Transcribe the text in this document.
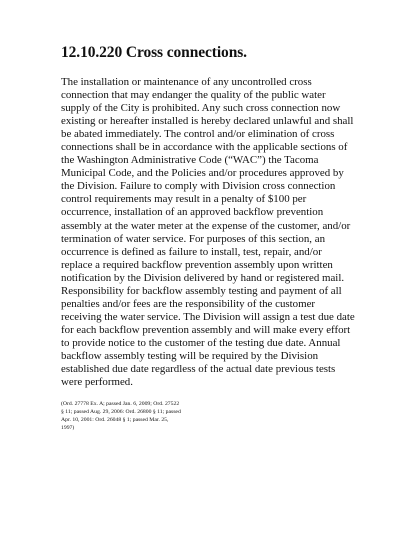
12.10.220 Cross connections.

The installation or maintenance of any uncontrolled cross
connection that may endanger the quality of the public water
supply of the City is prohibited. Any such cross connection now
existing or hereafter installed is hereby declared unlawful and shall
be abated immediately. The control and/or elimination of cross
connections shall be in accordance with the applicable sections of
the Washington Administrative Code (“WAC”) the Tacoma
Municipal Code, and the Policies and/or procedures approved by
the Division. Failure to comply with Division cross connection
control requirements may result in a penalty of $100 per
occurrence, installation of an approved backflow prevention
assembly at the water meter at the expense of the customer, and/or
termination of water service. For purposes of this section, an
occurrence is defined as failure to install, test, repair, and/or
replace a required backflow prevention assembly upon written
notification by the Division delivered by hand or registered mail.
Responsibility for backflow assembly testing and payment of all
penalties and/or fees are the responsibility of the customer
receiving the water service. The Division will assign a test due date
for each backflow prevention assembly and will make every effort
to provide notice to the customer of the testing due date. Annual
backflow assembly testing will be required by the Division
established due date regardless of the actual date previous tests
were performed.

(Ord. 27778 Ex. A; passed Jan. 6, 2009; Ord. 27522
§ 11; passed Aug. 29, 2006: Ord. 26800 § 11; passed
Apr. 10, 2001: Ord. 26048 § 1; passed Mar. 25,
1997)
